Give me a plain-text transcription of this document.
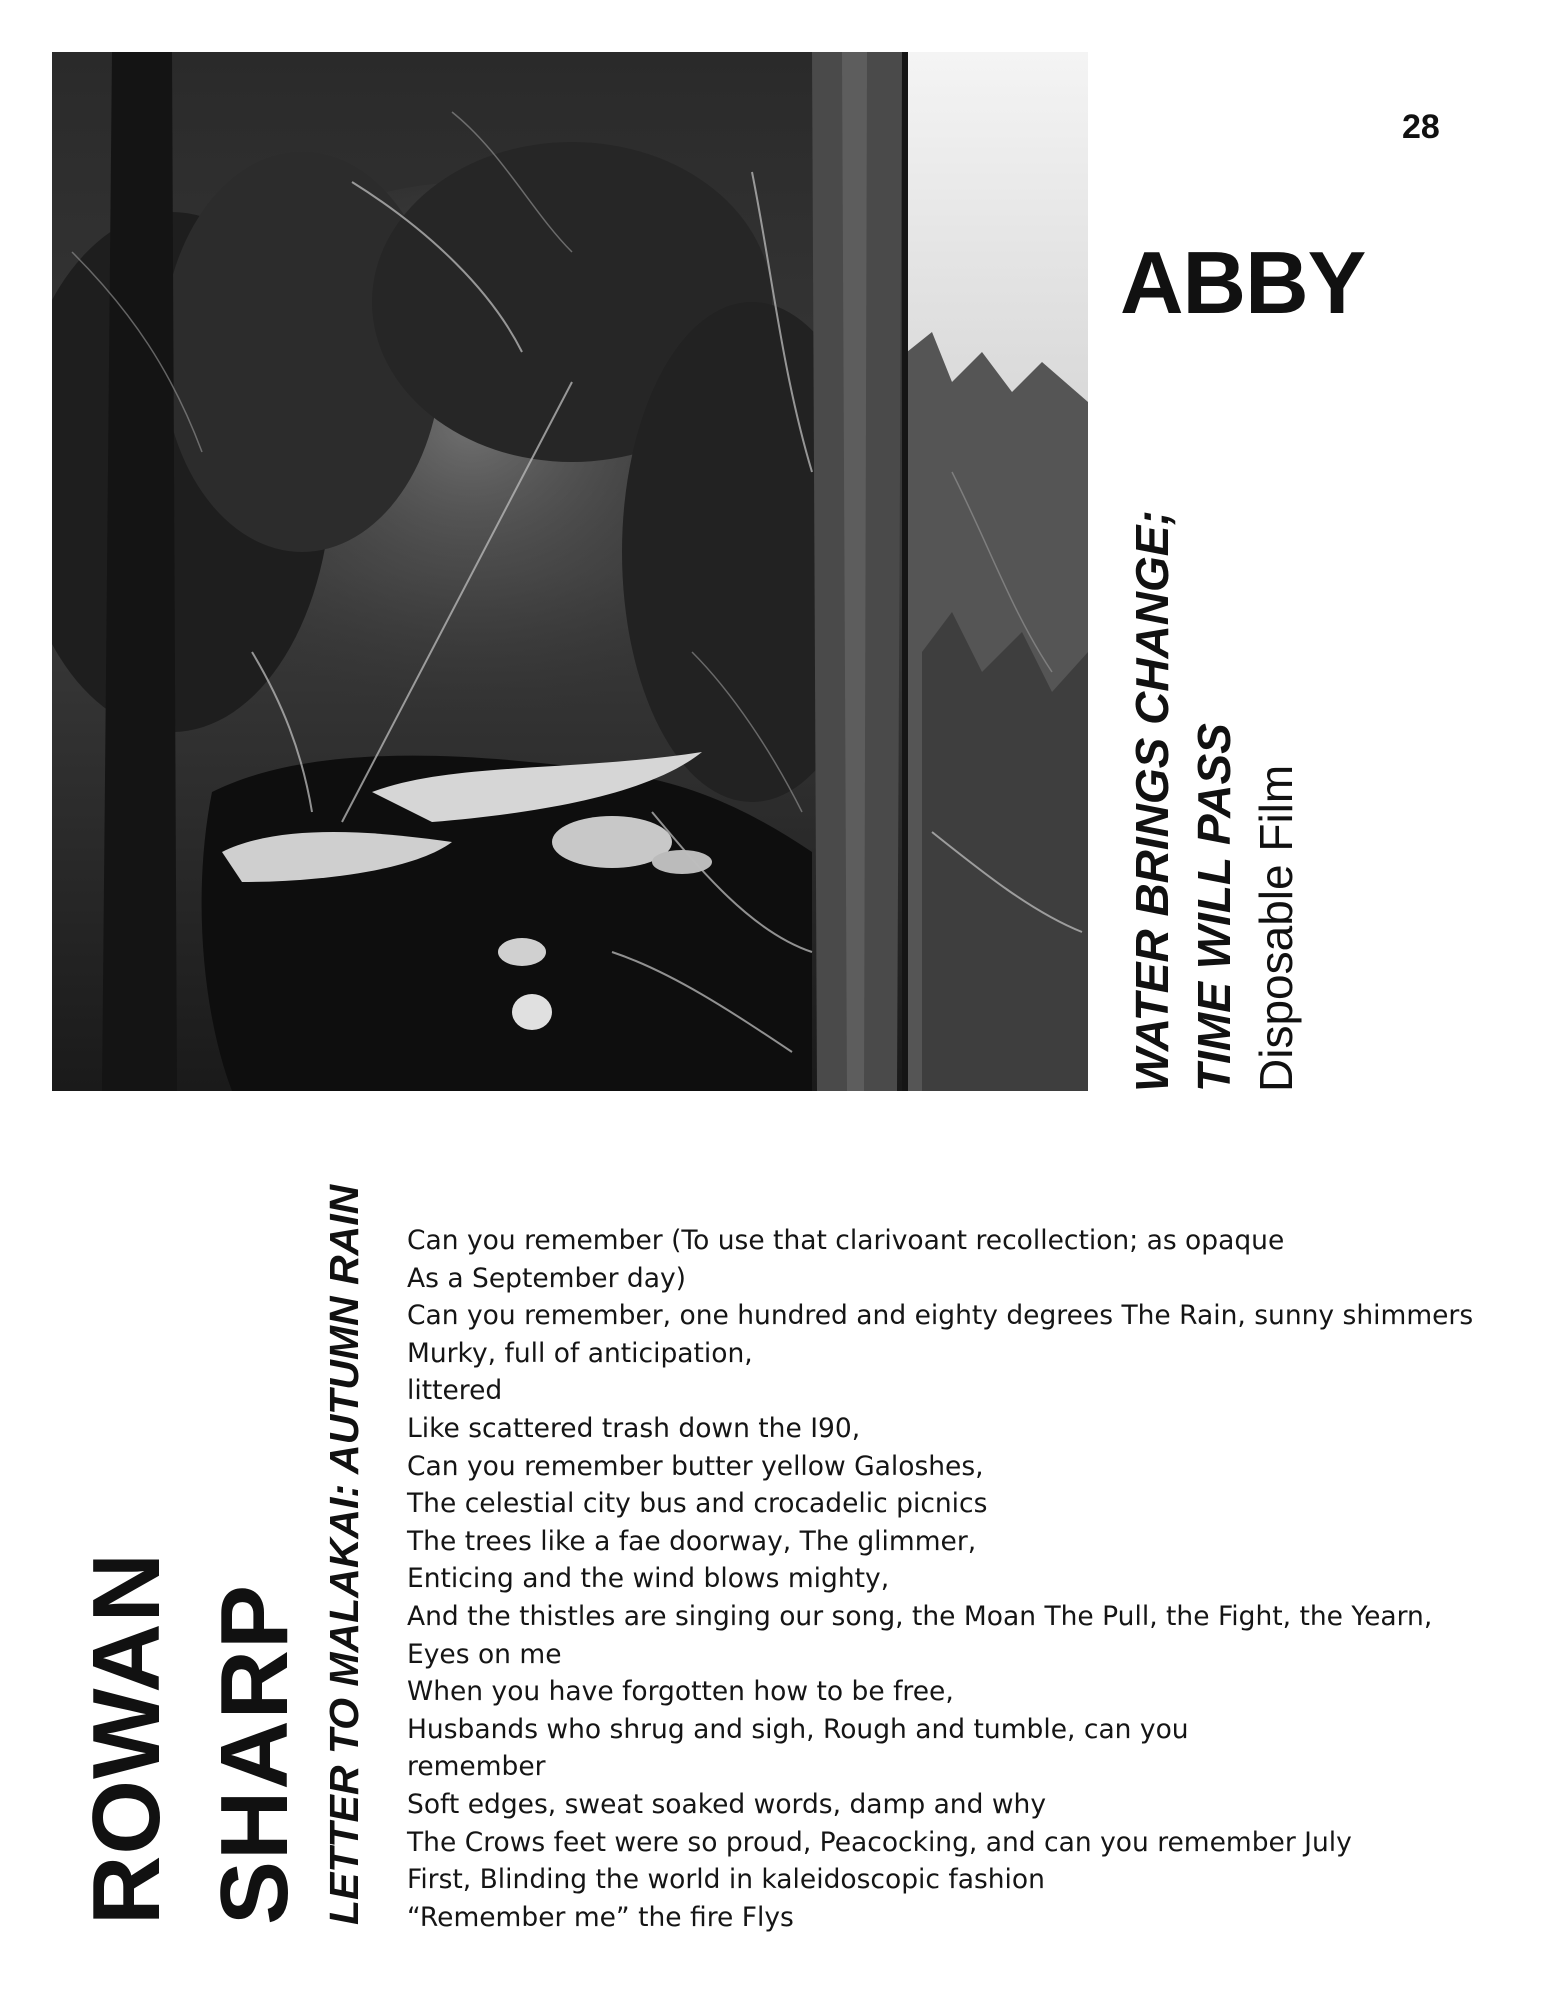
28
ABBY
WATER BRINGS CHANGE; TIME WILL PASS Disposable Film
ROWAN SHARP LETTER TO MALAKAI: AUTUMN RAIN Can you remember (To use that clarivoant recollection; as opaque
As a September day)
Can you remember, one hundred and eighty degrees The Rain, sunny shimmers
Murky, full of anticipation,
littered
Like scattered trash down the I90,
Can you remember butter yellow Galoshes,
The celestial city bus and crocadelic picnics
The trees like a fae doorway, The glimmer,
Enticing and the wind blows mighty,
And the thistles are singing our song, the Moan The Pull, the Fight, the Yearn,
Eyes on me
When you have forgotten how to be free,
Husbands who shrug and sigh, Rough and tumble, can you
remember
Soft edges, sweat soaked words, damp and why
The Crows feet were so proud, Peacocking, and can you remember July
First, Blinding the world in kaleidoscopic fashion
“Remember me” the fire Flys
